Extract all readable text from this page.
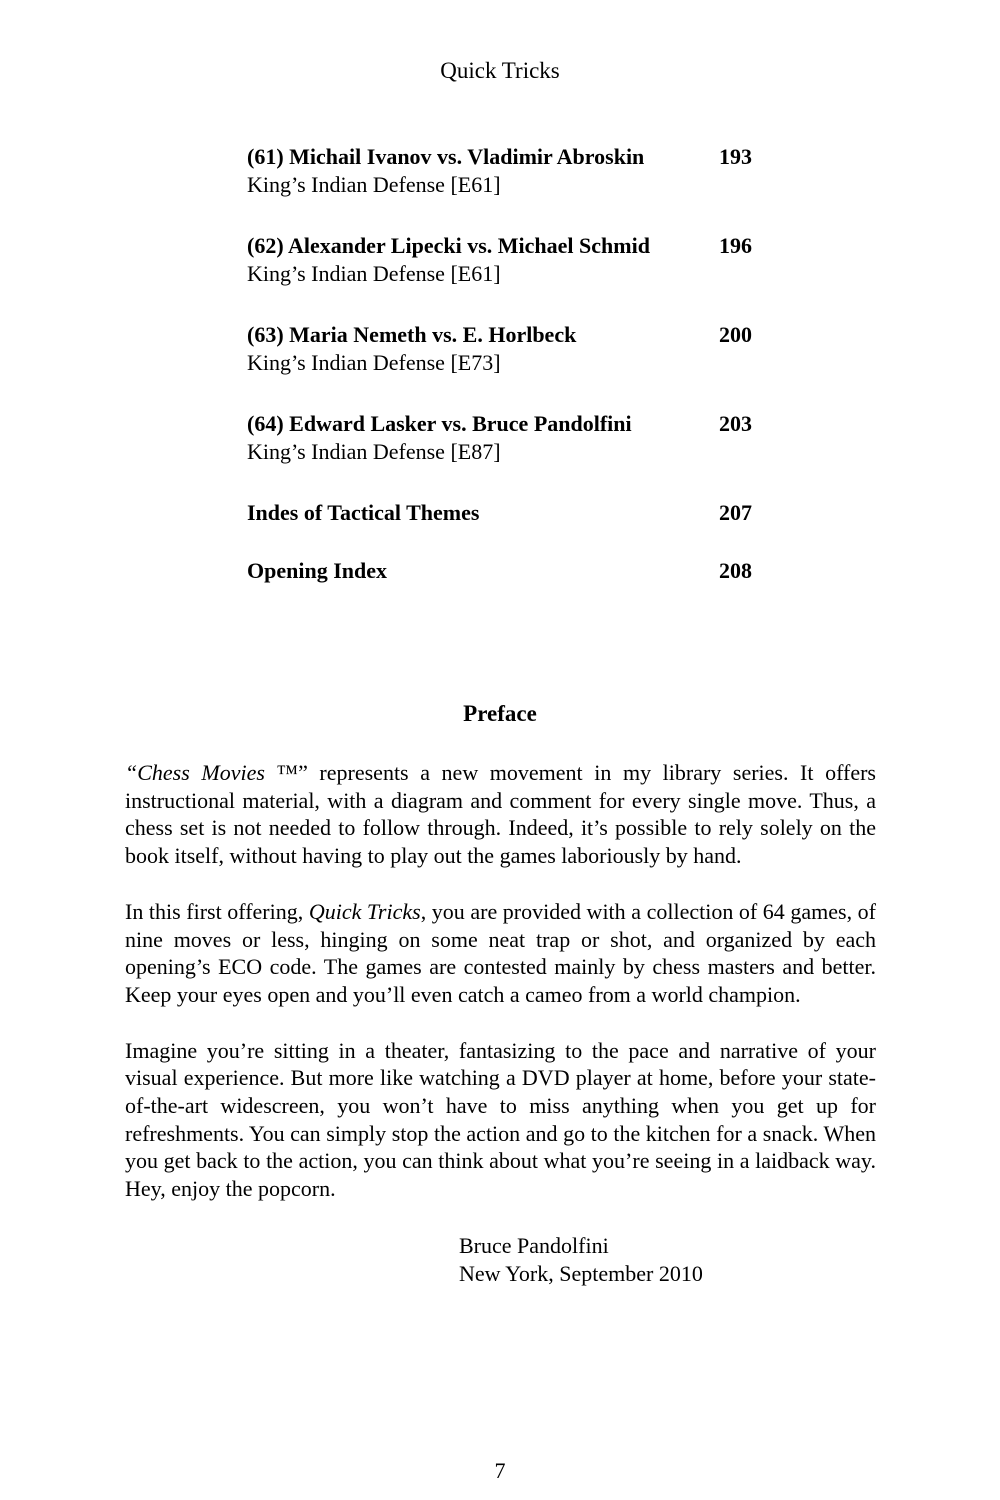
Quick Tricks
(61) Michail Ivanov vs. Vladimir Abroskin	193
King’s Indian Defense [E61]
(62) Alexander Lipecki vs. Michael Schmid	196
King’s Indian Defense [E61]
(63) Maria Nemeth vs. E. Horlbeck	200
King’s Indian Defense [E73]
(64) Edward Lasker vs. Bruce Pandolfini	203
King’s Indian Defense [E87]
Indes of Tactical Themes	207
Opening Index	208
Preface

“Chess Movies ™” represents a new movement in my library series. It offers instructional material, with a diagram and comment for every single move. Thus, a chess set is not needed to follow through. Indeed, it’s possible to rely solely on the book itself, without having to play out the games laboriously by hand.

In this first offering, Quick Tricks, you are provided with a collection of 64 games, of nine moves or less, hinging on some neat trap or shot, and organized by each opening’s ECO code. The games are contested mainly by chess masters and better. Keep your eyes open and you’ll even catch a cameo from a world champion.

Imagine you’re sitting in a theater, fantasizing to the pace and narrative of your visual experience. But more like watching a DVD player at home, before your state-of-the-art widescreen, you won’t have to miss anything when you get up for refreshments. You can simply stop the action and go to the kitchen for a snack. When you get back to the action, you can think about what you’re seeing in a laidback way. Hey, enjoy the popcorn.

Bruce Pandolfini
New York, September 2010
7
